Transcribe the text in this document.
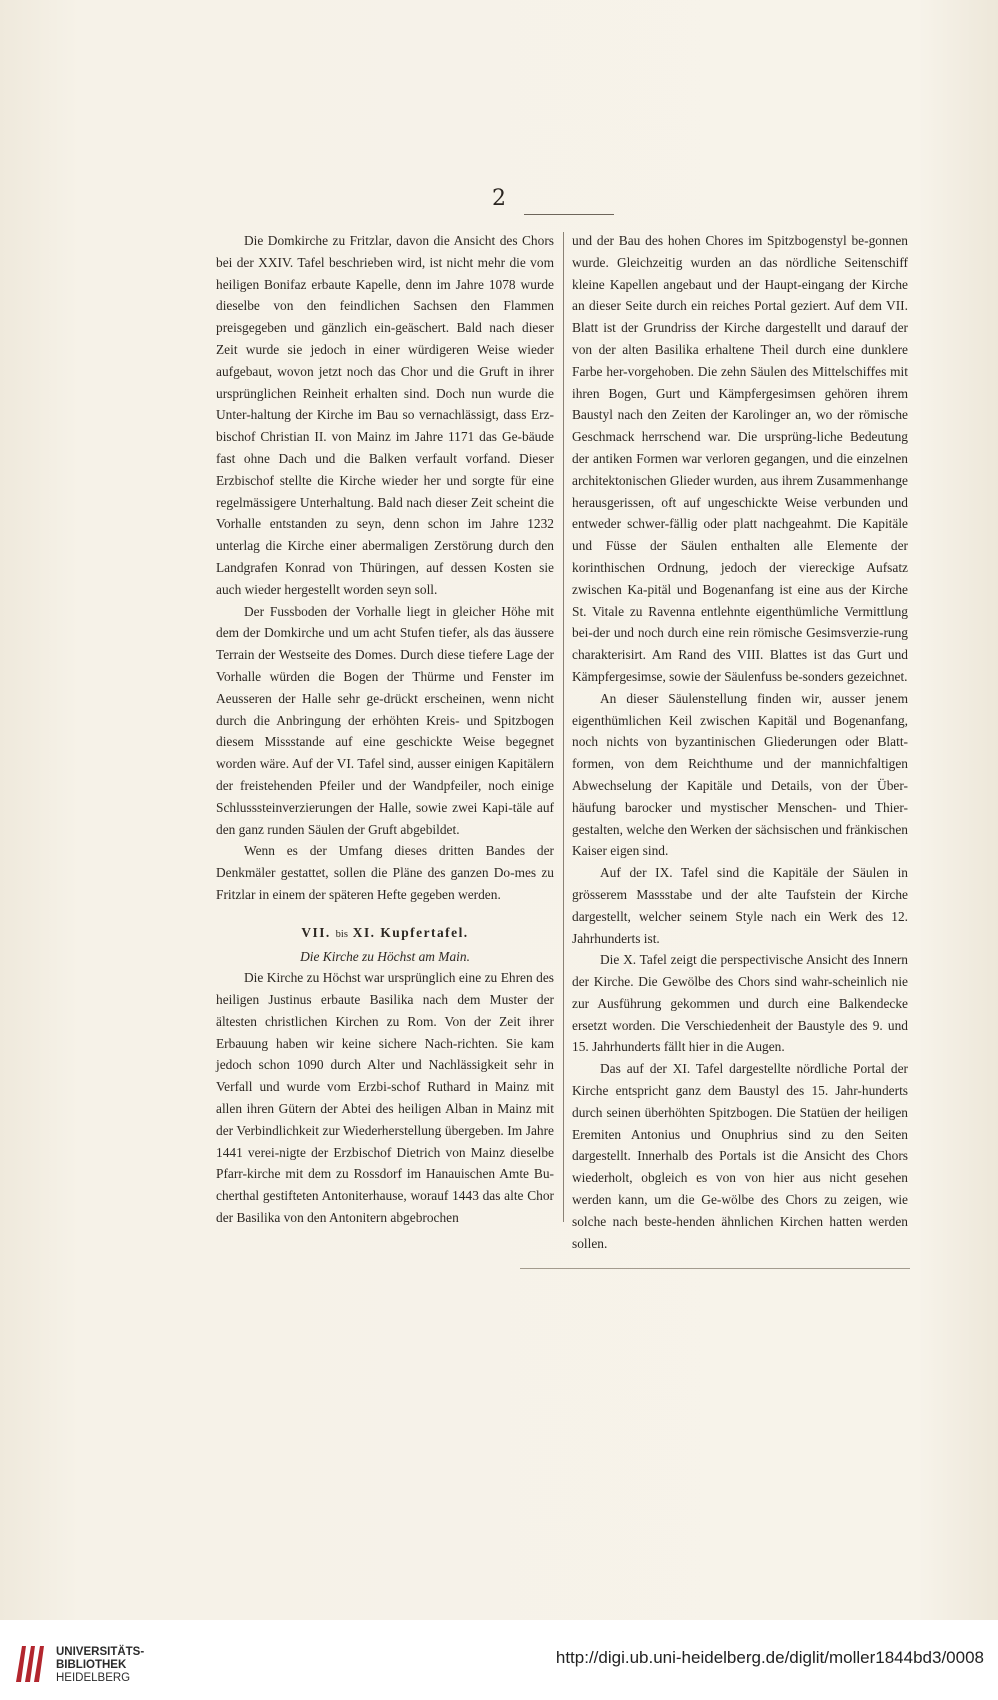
2

Die Domkirche zu Fritzlar, davon die Ansicht des Chors bei der XXIV. Tafel beschrieben wird, ist nicht mehr die vom heiligen Bonifaz erbaute Kapelle, denn im Jahre 1078 wurde dieselbe von den feindlichen Sachsen den Flammen preisgegeben und gänzlich ein-geäschert. Bald nach dieser Zeit wurde sie jedoch in einer würdigeren Weise wieder aufgebaut, wovon jetzt noch das Chor und die Gruft in ihrer ursprünglichen Reinheit erhalten sind. Doch nun wurde die Unter-haltung der Kirche im Bau so vernachlässigt, dass Erz-bischof Christian II. von Mainz im Jahre 1171 das Ge-bäude fast ohne Dach und die Balken verfault vorfand. Dieser Erzbischof stellte die Kirche wieder her und sorgte für eine regelmässigere Unterhaltung. Bald nach dieser Zeit scheint die Vorhalle entstanden zu seyn, denn schon im Jahre 1232 unterlag die Kirche einer abermaligen Zerstörung durch den Landgrafen Konrad von Thüringen, auf dessen Kosten sie auch wieder hergestellt worden seyn soll.

Der Fussboden der Vorhalle liegt in gleicher Höhe mit dem der Domkirche und um acht Stufen tiefer, als das äussere Terrain der Westseite des Domes. Durch diese tiefere Lage der Vorhalle würden die Bogen der Thürme und Fenster im Aeusseren der Halle sehr ge-drückt erscheinen, wenn nicht durch die Anbringung der erhöhten Kreis- und Spitzbogen diesem Missstande auf eine geschickte Weise begegnet worden wäre. Auf der VI. Tafel sind, ausser einigen Kapitälern der freistehenden Pfeiler und der Wandpfeiler, noch einige Schlusssteinverzierungen der Halle, sowie zwei Kapi-täle auf den ganz runden Säulen der Gruft abgebildet.

Wenn es der Umfang dieses dritten Bandes der Denkmäler gestattet, sollen die Pläne des ganzen Do-mes zu Fritzlar in einem der späteren Hefte gegeben werden.

VII. bis XI. Kupfertafel.

Die Kirche zu Höchst am Main.

Die Kirche zu Höchst war ursprünglich eine zu Ehren des heiligen Justinus erbaute Basilika nach dem Muster der ältesten christlichen Kirchen zu Rom. Von der Zeit ihrer Erbauung haben wir keine sichere Nach-richten. Sie kam jedoch schon 1090 durch Alter und Nachlässigkeit sehr in Verfall und wurde vom Erzbi-schof Ruthard in Mainz mit allen ihren Gütern der Abtei des heiligen Alban in Mainz mit der Verbindlichkeit zur Wiederherstellung übergeben. Im Jahre 1441 verei-nigte der Erzbischof Dietrich von Mainz dieselbe Pfarr-kirche mit dem zu Rossdorf im Hanauischen Amte Bu-cherthal gestifteten Antoniterhause, worauf 1443 das alte Chor der Basilika von den Antonitern abgebrochen

und der Bau des hohen Chores im Spitzbogenstyl be-gonnen wurde. Gleichzeitig wurden an das nördliche Seitenschiff kleine Kapellen angebaut und der Haupt-eingang der Kirche an dieser Seite durch ein reiches Portal geziert. Auf dem VII. Blatt ist der Grundriss der Kirche dargestellt und darauf der von der alten Basilika erhaltene Theil durch eine dunklere Farbe her-vorgehoben. Die zehn Säulen des Mittelschiffes mit ihren Bogen, Gurt und Kämpfergesimsen gehören ihrem Baustyl nach den Zeiten der Karolinger an, wo der römische Geschmack herrschend war. Die ursprüng-liche Bedeutung der antiken Formen war verloren gegangen, und die einzelnen architektonischen Glieder wurden, aus ihrem Zusammenhange herausgerissen, oft auf ungeschickte Weise verbunden und entweder schwer-fällig oder platt nachgeahmt. Die Kapitäle und Füsse der Säulen enthalten alle Elemente der korinthischen Ordnung, jedoch der viereckige Aufsatz zwischen Ka-pitäl und Bogenanfang ist eine aus der Kirche St. Vitale zu Ravenna entlehnte eigenthümliche Vermittlung bei-der und noch durch eine rein römische Gesimsverzie-rung charakterisirt. Am Rand des VIII. Blattes ist das Gurt und Kämpfergesimse, sowie der Säulenfuss be-sonders gezeichnet.

An dieser Säulenstellung finden wir, ausser jenem eigenthümlichen Keil zwischen Kapitäl und Bogenanfang, noch nichts von byzantinischen Gliederungen oder Blatt-formen, von dem Reichthume und der mannichfaltigen Abwechselung der Kapitäle und Details, von der Über-häufung barocker und mystischer Menschen- und Thier-gestalten, welche den Werken der sächsischen und fränkischen Kaiser eigen sind.

Auf der IX. Tafel sind die Kapitäle der Säulen in grösserem Massstabe und der alte Taufstein der Kirche dargestellt, welcher seinem Style nach ein Werk des 12. Jahrhunderts ist.

Die X. Tafel zeigt die perspectivische Ansicht des Innern der Kirche. Die Gewölbe des Chors sind wahr-scheinlich nie zur Ausführung gekommen und durch eine Balkendecke ersetzt worden. Die Verschiedenheit der Baustyle des 9. und 15. Jahrhunderts fällt hier in die Augen.

Das auf der XI. Tafel dargestellte nördliche Portal der Kirche entspricht ganz dem Baustyl des 15. Jahr-hunderts durch seinen überhöhten Spitzbogen. Die Statüen der heiligen Eremiten Antonius und Onuphrius sind zu den Seiten dargestellt. Innerhalb des Portals ist die Ansicht des Chors wiederholt, obgleich es von von hier aus nicht gesehen werden kann, um die Ge-wölbe des Chors zu zeigen, wie solche nach beste-henden ähnlichen Kirchen hatten werden sollen.

UNIVERSITÄTS-
BIBLIOTHEK
HEIDELBERG
http://digi.ub.uni-heidelberg.de/diglit/moller1844bd3/0008
